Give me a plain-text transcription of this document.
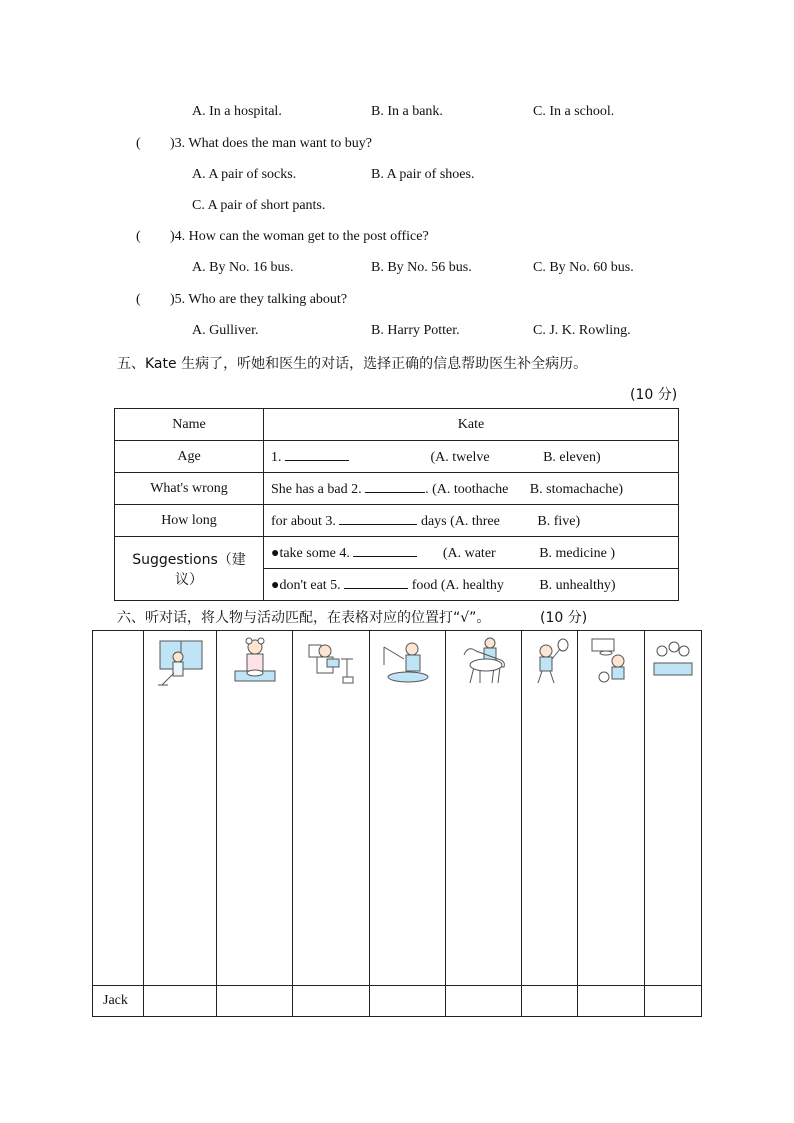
A. In a hospital.	B. In a bank.	C. In a school.
( )3. What does the man want to buy?
A. A pair of socks.	B. A pair of shoes.
C. A pair of short pants.
( )4. How can the woman get to the post office?
A. By No. 16 bus.	B. By No. 56 bus.	C. By No. 60 bus.
( )5. Who are they talking about?
A. Gulliver.	B. Harry Potter.	C. J. K. Rowling.
五、Kate 生病了，听她和医生的对话，选择正确的信息帮助医生补全病历。
(10 分)
Name	Kate
Age	1. (A. twelve B. eleven)
What's wrong	She has a bad 2. . (A. toothache B. stomachache)
How long	for about 3. days (A. three B. five)
Suggestions（建议）	●take some 4. (A. water B. medicine )
	●don't eat 5. food (A. healthy B. unhealthy)
六、听对话，将人物与活动匹配，在表格对应的位置打“√”。	(10 分)

Jack								
